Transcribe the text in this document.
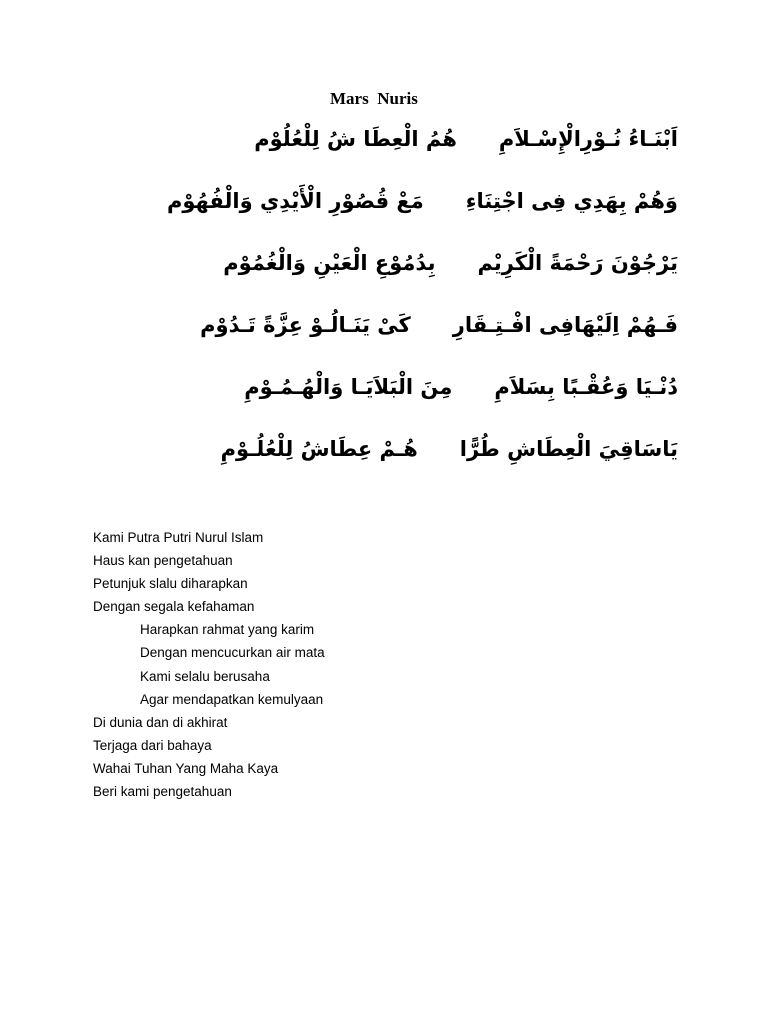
Mars  Nuris
اَبْنَـاءُ نُـوْرِالْإِسْـلاَمِ
هُمُ الْعِطَا شُ لِلْعُلُوْم
وَهُمْ بِهَدِي فِى اجْتِنَاءِ
مَعْ قُصُوْرِ الْأَيْدِي وَالْفُهُوْم
يَرْجُوْنَ رَحْمَةً الْكَرِيْم
بِدُمُوْعِ الْعَيْنِ وَالْغُمُوْم
فَـهُمْ اِلَيْهَافِى افْـتِـقَارِ
كَىْ يَنَـالُـوْ عِزَّةً تَـدُوْم
دُنْـيَا وَعُقْـبًا بِسَلاَمِ
مِنَ الْبَلاَيَـا وَالْهُـمُـوْمِ
يَاسَاقِيَ الْعِطَاشِ طُرًّا
هُـمْ عِطَاشُ لِلْعُلُـوْمِ
Kami Putra Putri Nurul Islam
Haus kan pengetahuan
Petunjuk slalu diharapkan
Dengan segala kefahaman
Harapkan rahmat yang karim
Dengan mencucurkan air mata
Kami selalu berusaha
Agar mendapatkan kemulyaan
Di dunia dan di akhirat
Terjaga dari bahaya
Wahai Tuhan Yang Maha Kaya
Beri kami pengetahuan
